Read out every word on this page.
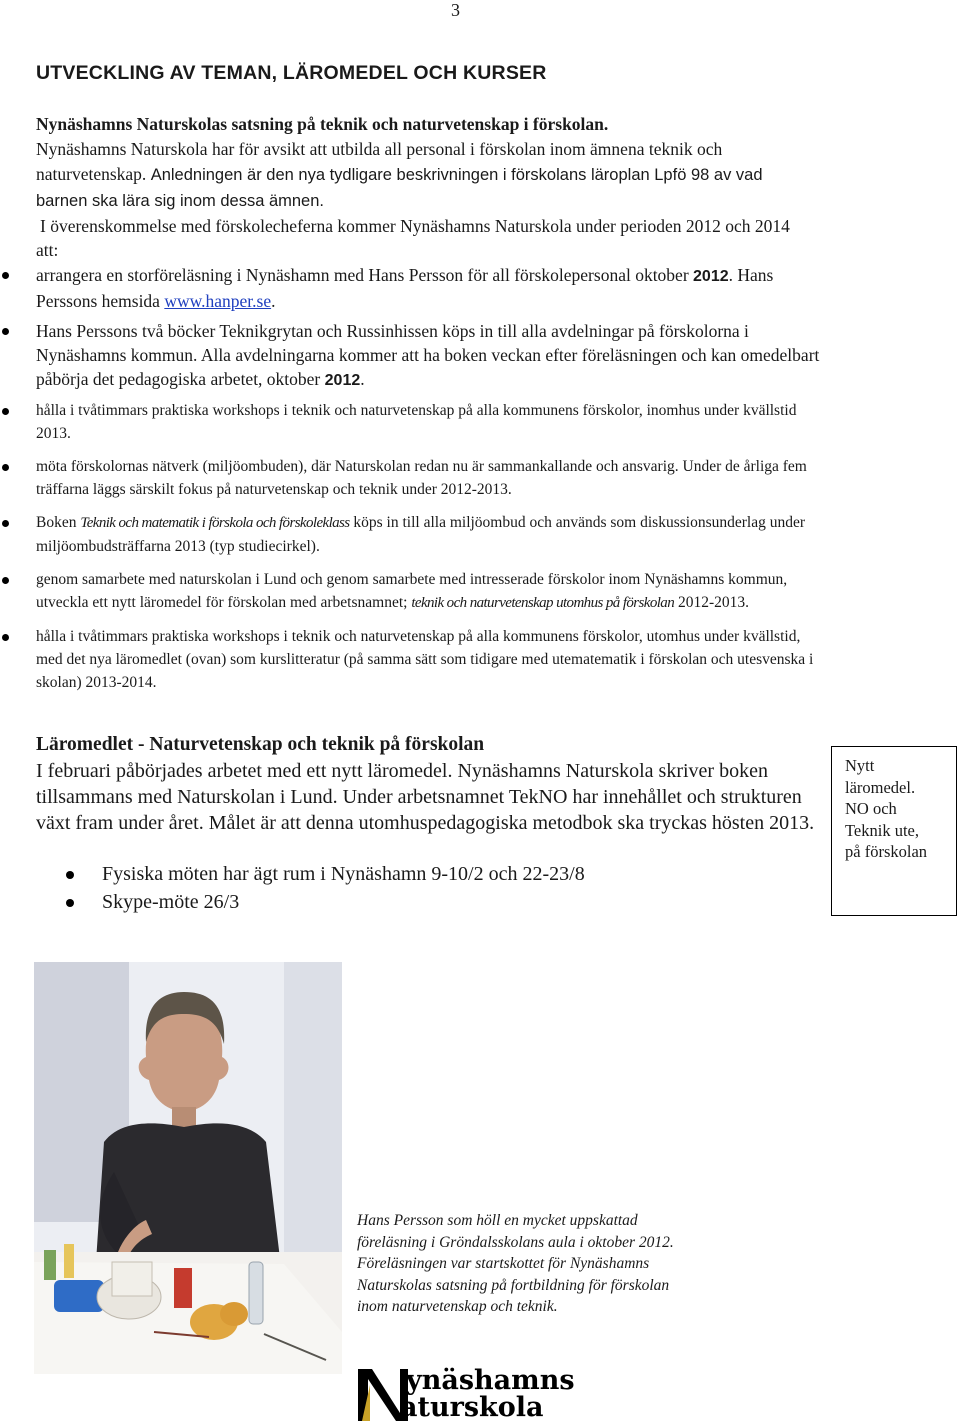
3
UTVECKLING AV TEMAN, LÄROMEDEL OCH KURSER
Nynäshamns Naturskolas satsning på teknik och naturvetenskap i förskolan.
Nynäshamns Naturskola har för avsikt att utbilda all personal i förskolan inom ämnena teknik och naturvetenskap. Anledningen är den nya tydligare beskrivningen i förskolans läroplan Lpfö 98 av vad barnen ska lära sig inom dessa ämnen.
I överenskommelse med förskolecheferna kommer Nynäshamns Naturskola under perioden 2012 och 2014 att:
arrangera en storföreläsning i Nynäshamn med Hans Persson för all förskolepersonal oktober 2012. Hans Perssons hemsida www.hanper.se.
Hans Perssons två böcker Teknikgrytan och Russinhissen köps in till alla avdelningar på förskolorna i Nynäshamns kommun. Alla avdelningarna kommer att ha boken veckan efter föreläsningen och kan omedelbart påbörja det pedagogiska arbetet, oktober 2012.
hålla i tvåtimmars praktiska workshops i teknik och naturvetenskap på alla kommunens förskolor, inomhus under kvällstid 2013.
möta förskolornas nätverk (miljöombuden), där Naturskolan redan nu är sammankallande och ansvarig. Under de årliga fem träffarna läggs särskilt fokus på naturvetenskap och teknik under 2012-2013.
Boken Teknik och matematik i förskola och förskoleklass köps in till alla miljöombud och används som diskussionsunderlag under miljöombudsträffarna 2013 (typ studiecirkel).
genom samarbete med naturskolan i Lund och genom samarbete med intresserade förskolor inom Nynäshamns kommun, utveckla ett nytt läromedel för förskolan med arbetsnamnet; teknik och naturvetenskap utomhus på förskolan 2012-2013.
hålla i tvåtimmars praktiska workshops i teknik och naturvetenskap på alla kommunens förskolor, utomhus under kvällstid, med det nya läromedlet (ovan) som kurslitteratur (på samma sätt som tidigare med utematematik i förskolan och utesvenska i skolan) 2013-2014.
Läromedlet - Naturvetenskap och teknik på förskolan
I februari påbörjades arbetet med ett nytt läromedel. Nynäshamns Naturskola skriver boken tillsammans med Naturskolan i Lund. Under arbetsnamnet TekNO har innehållet och strukturen växt fram under året. Målet är att denna utomhuspedagogiska metodbok ska tryckas hösten 2013.
Fysiska möten har ägt rum i Nynäshamn 9-10/2 och 22-23/8
Skype-möte 26/3
Nytt
läromedel.
NO och
Teknik ute,
på förskolan
Hans Persson som höll en mycket uppskattad föreläsning i Gröndalsskolans aula i oktober 2012. Föreläsningen var startskottet för Nynäshamns Naturskolas satsning på fortbildning för förskolan inom naturvetenskap och teknik.
ynäshamns
aturskola
